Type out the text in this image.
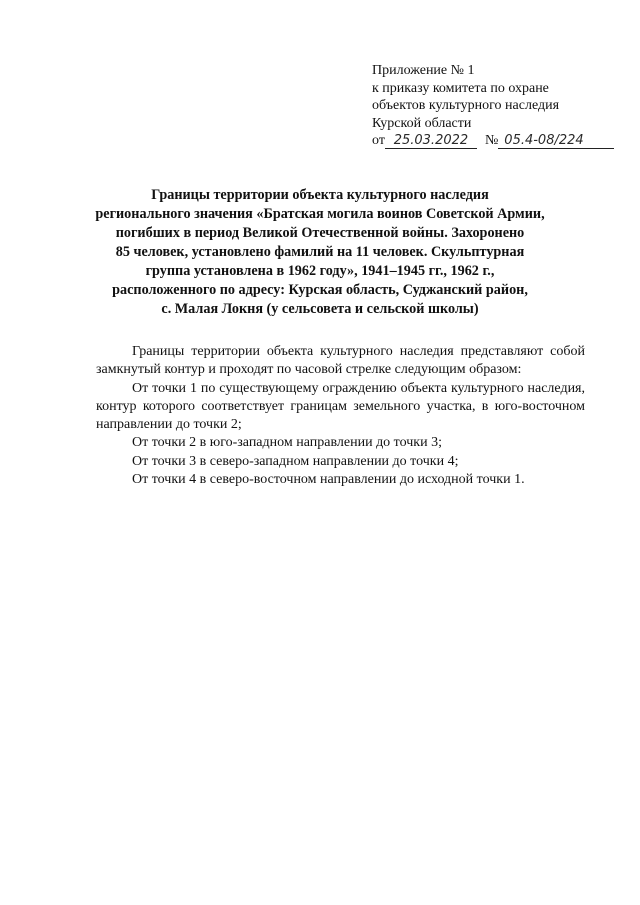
Приложение № 1
к приказу комитета по охране
объектов культурного наследия
Курской области
от 25.03.2022	№ 05.4-08/224
Границы территории объекта культурного наследия
регионального значения «Братская могила воинов Советской Армии,
погибших в период Великой Отечественной войны. Захоронено
85 человек, установлено фамилий на 11 человек. Скульптурная
группа установлена в 1962 году», 1941–1945 гг., 1962 г.,
расположенного по адресу: Курская область, Суджанский район,
с. Малая Локня (у сельсовета и сельской школы)

Границы территории объекта культурного наследия представляют собой замкнутый контур и проходят по часовой стрелке следующим образом:

От точки 1 по существующему ограждению объекта культурного наследия, контур которого соответствует границам земельного участка, в юго-восточном направлении до точки 2;

От точки 2 в юго-западном направлении до точки 3;

От точки 3 в северо-западном направлении до точки 4;

От точки 4 в северо-восточном направлении до исходной точки 1.
